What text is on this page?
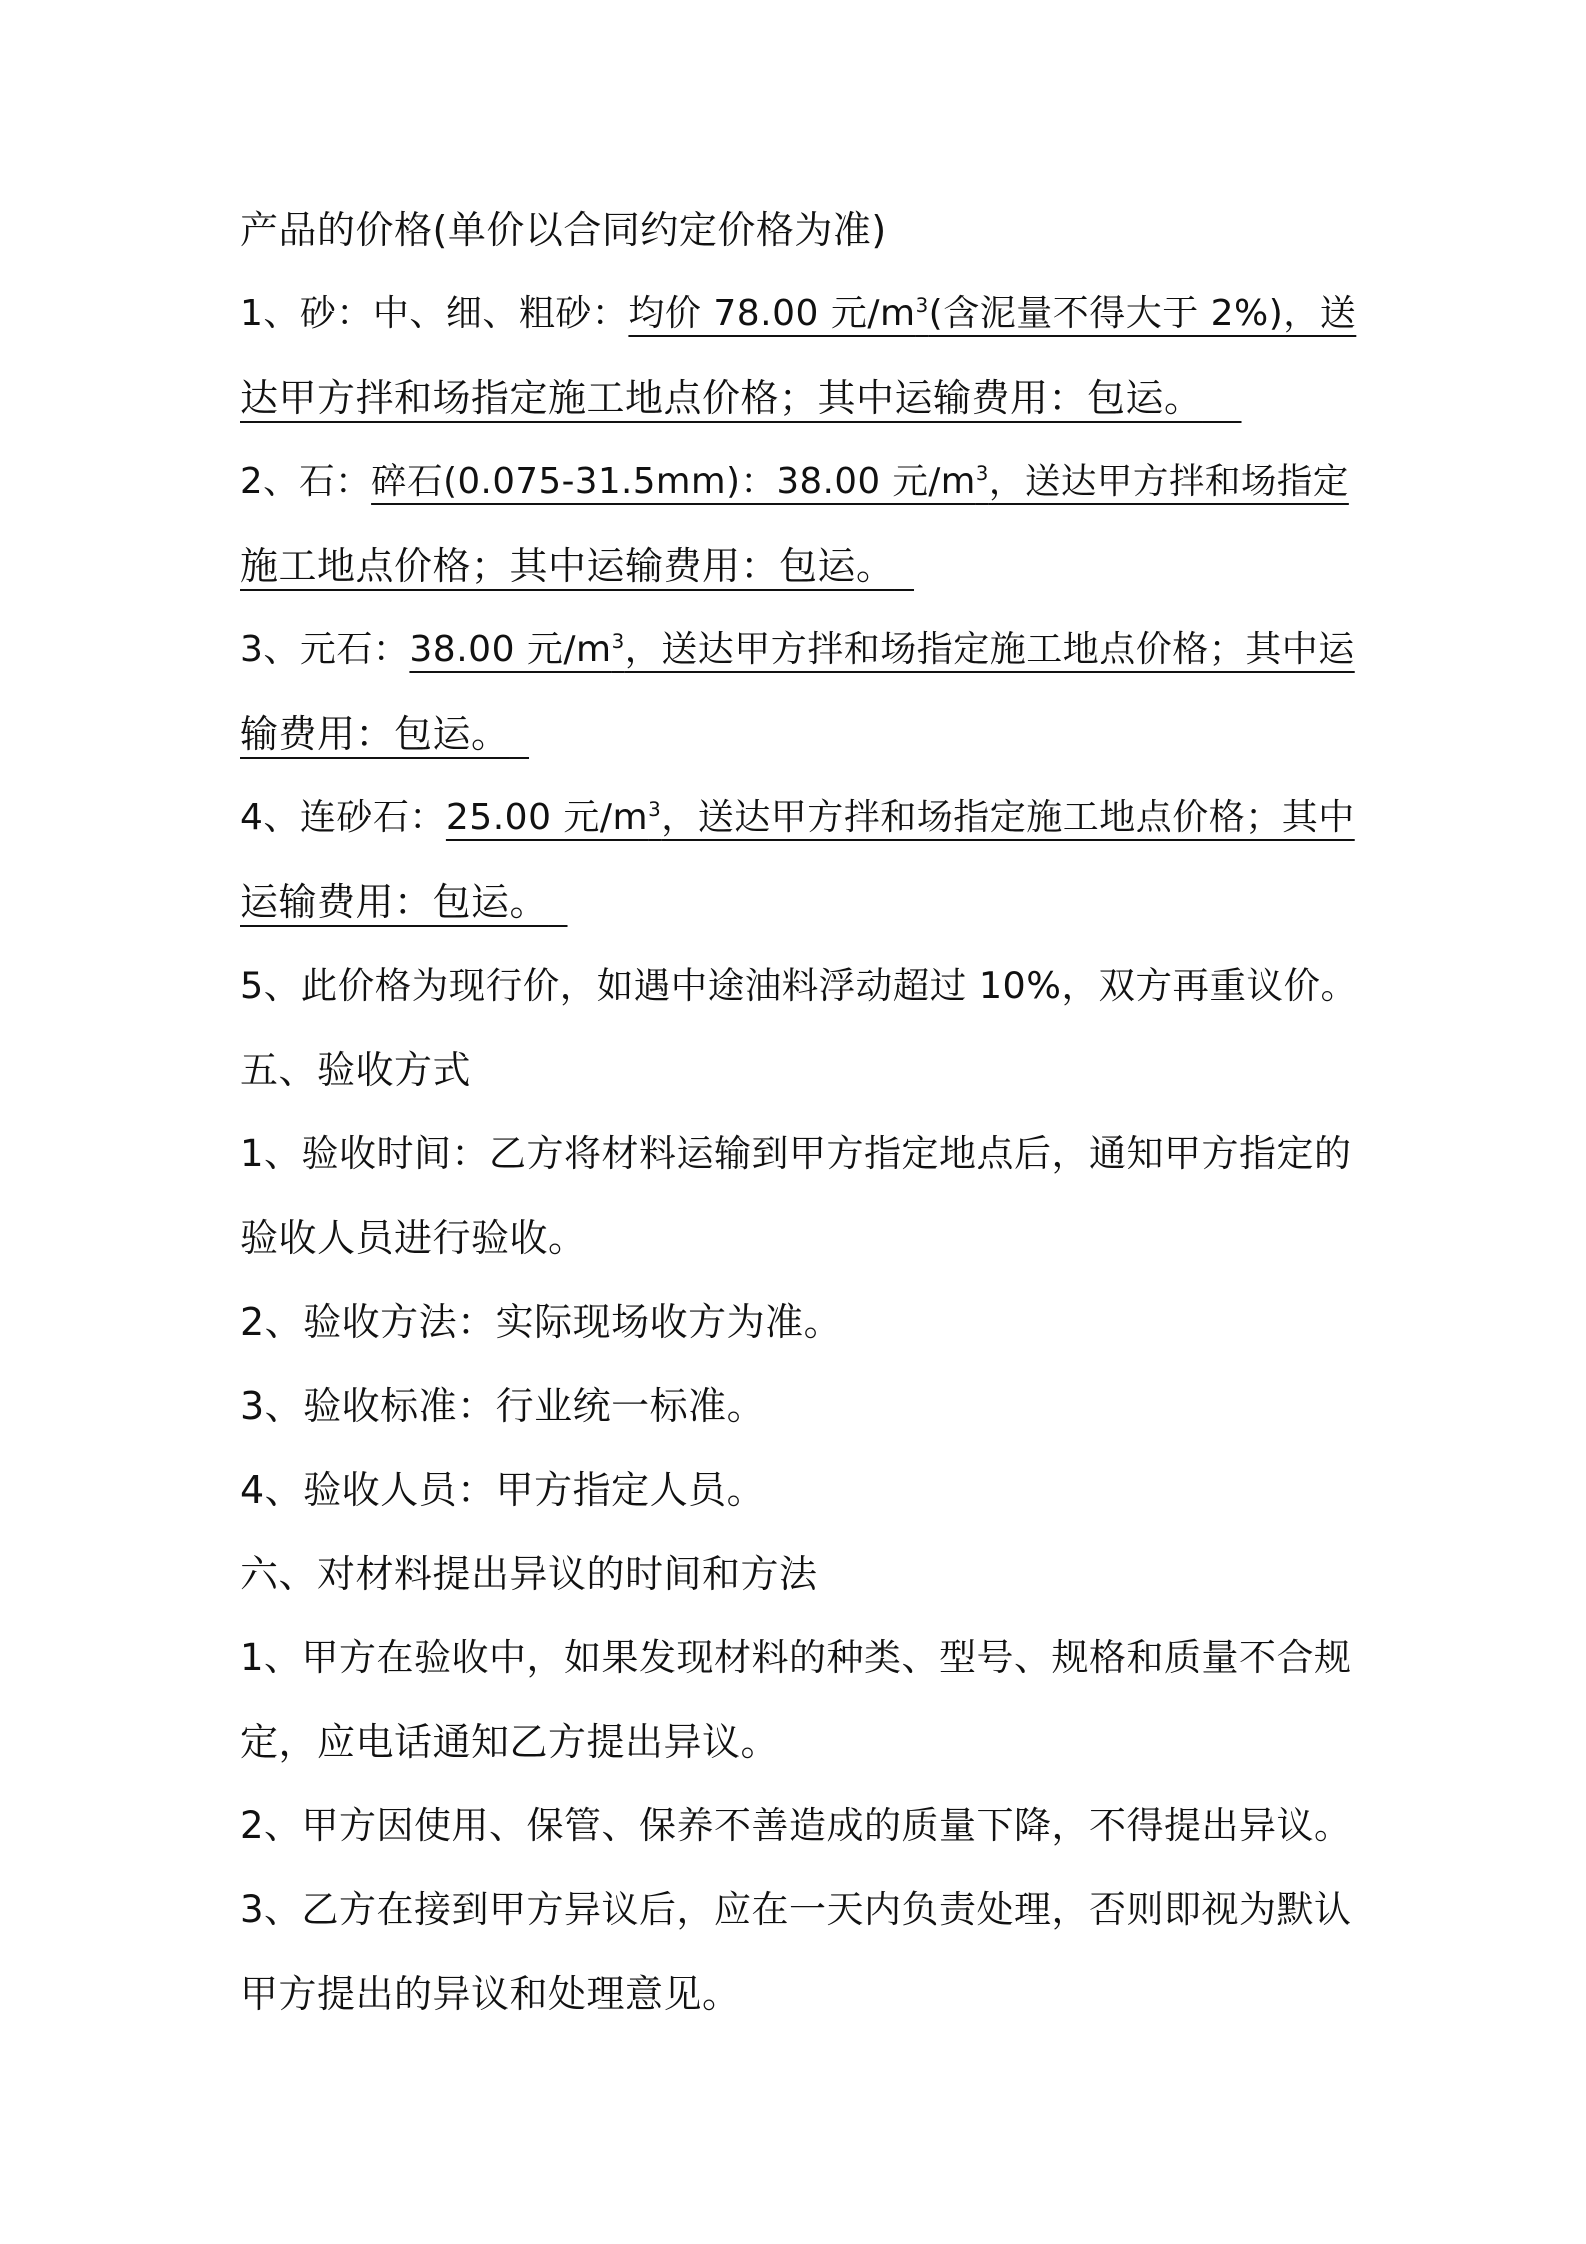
产品的价格(单价以合同约定价格为准)
1、砂：中、细、粗砂：均价 78.00 元$/m^3$(含泥量不得大于 2%)，送
达甲方拌和场指定施工地点价格；其中运输费用：包运。  
2、石：碎石(0.075-31.5mm)：38.00 元$/m^3$，送达甲方拌和场指定
施工地点价格；其中运输费用：包运。 
3、元石：38.00 元$/m^3$，送达甲方拌和场指定施工地点价格；其中运
输费用：包运。 
4、连砂石：25.00 元$/m^3$，送达甲方拌和场指定施工地点价格；其中
运输费用：包运。 
5、此价格为现行价，如遇中途油料浮动超过 10%，双方再重议价。
五、验收方式
1、验收时间：乙方将材料运输到甲方指定地点后，通知甲方指定的
验收人员进行验收。
2、验收方法：实际现场收方为准。
3、验收标准：行业统一标准。
4、验收人员：甲方指定人员。
六、对材料提出异议的时间和方法
1、甲方在验收中，如果发现材料的种类、型号、规格和质量不合规
定，应电话通知乙方提出异议。
2、甲方因使用、保管、保养不善造成的质量下降，不得提出异议。
3、乙方在接到甲方异议后，应在一天内负责处理，否则即视为默认
甲方提出的异议和处理意见。
